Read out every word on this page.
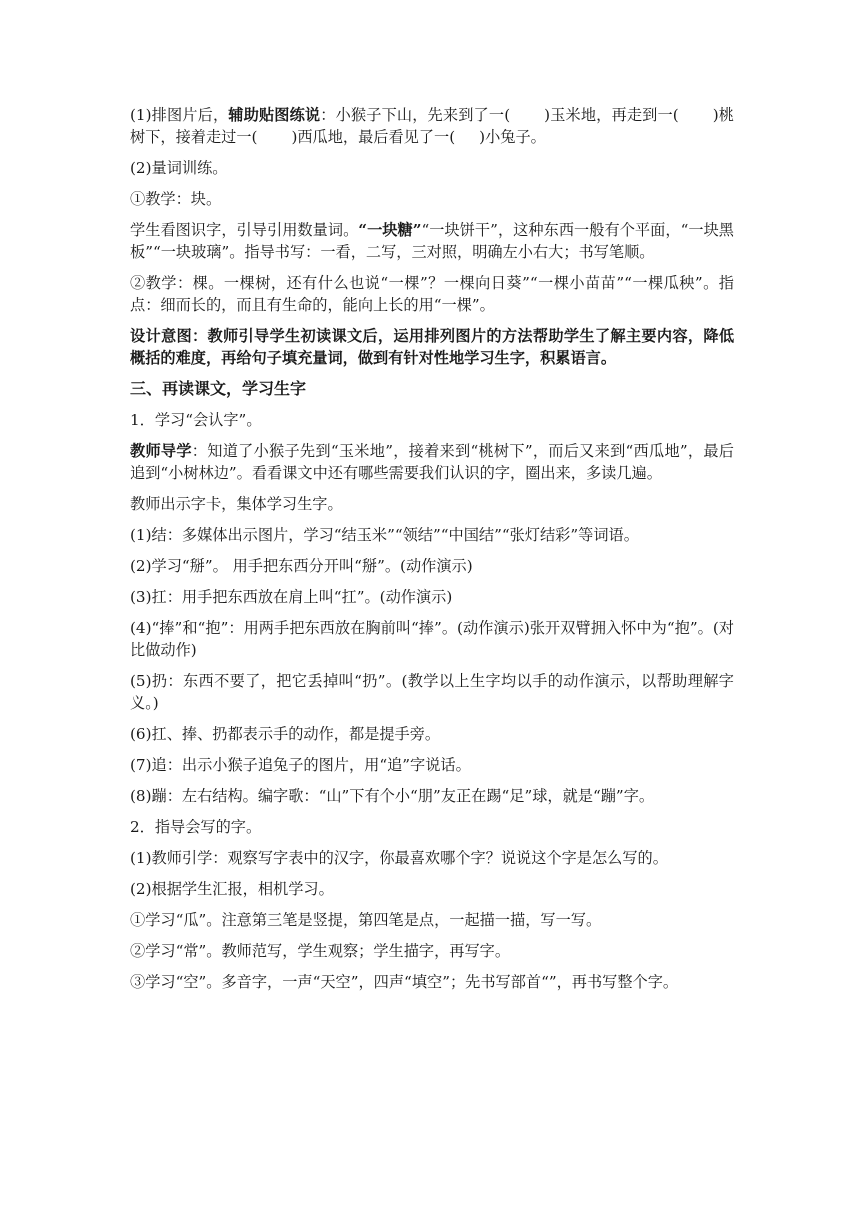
(1)排图片后，辅助贴图练说：小猴子下山，先来到了一( )玉米地，再走到一( )桃树下，接着走过一( )西瓜地，最后看见了一( )小兔子。

(2)量词训练。

①教学：块。

学生看图识字，引导引用数量词。“一块糖”“一块饼干”，这种东西一般有个平面，“一块黑板”“一块玻璃”。指导书写：一看，二写，三对照，明确左小右大；书写笔顺。

②教学：棵。一棵树，还有什么也说“一棵”？一棵向日葵”“一棵小苗苗”“一棵瓜秧”。指点：细而长的，而且有生命的，能向上长的用“一棵”。

设计意图：教师引导学生初读课文后，运用排列图片的方法帮助学生了解主要内容，降低概括的难度，再给句子填充量词，做到有针对性地学习生字，积累语言。

三、再读课文，学习生字

1．学习“会认字”。

教师导学：知道了小猴子先到“玉米地”，接着来到“桃树下”，而后又来到“西瓜地”，最后追到“小树林边”。看看课文中还有哪些需要我们认识的字，圈出来，多读几遍。

教师出示字卡，集体学习生字。

(1)结：多媒体出示图片，学习“结玉米”“领结”“中国结”“张灯结彩”等词语。

(2)学习“掰”。 用手把东西分开叫“掰”。(动作演示)

(3)扛：用手把东西放在肩上叫“扛”。(动作演示)

(4)“捧”和“抱”：用两手把东西放在胸前叫“捧”。(动作演示)张开双臂拥入怀中为“抱”。(对比做动作)

(5)扔：东西不要了，把它丢掉叫“扔”。(教学以上生字均以手的动作演示，以帮助理解字义。)

(6)扛、捧、扔都表示手的动作，都是提手旁。

(7)追：出示小猴子追兔子的图片，用“追”字说话。

(8)蹦：左右结构。编字歌：“山”下有个小“朋”友正在踢“足”球，就是“蹦”字。

2．指导会写的字。

(1)教师引学：观察写字表中的汉字，你最喜欢哪个字？说说这个字是怎么写的。

(2)根据学生汇报，相机学习。

①学习“瓜”。注意第三笔是竖提，第四笔是点，一起描一描，写一写。

②学习“常”。教师范写，学生观察；学生描字，再写字。

③学习“空”。多音字，一声“天空”，四声“填空”；先书写部首“”，再书写整个字。
